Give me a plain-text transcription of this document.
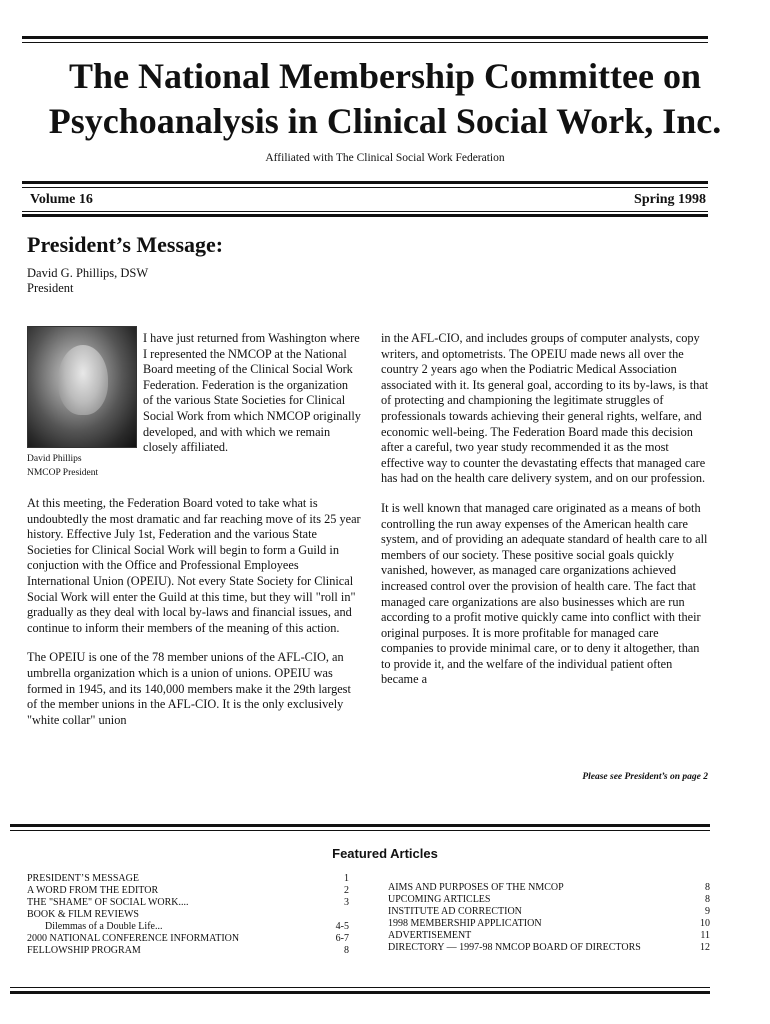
The National Membership Committee on
Psychoanalysis in Clinical Social Work, Inc.
Affiliated with The Clinical Social Work Federation
Volume 16	Spring 1998
President’s Message:
David G. Phillips, DSW
President
David Phillips
NMCOP President
I have just returned from Washington where I represented the NMCOP at the National Board meeting of the Clinical Social Work Federation. Federation is the organization of the various State Societies for Clinical Social Work from which NMCOP originally developed, and with which we remain closely affiliated.

At this meeting, the Federation Board voted to take what is undoubtedly the most dramatic and far reaching move of its 25 year history. Effective July 1st, Federation and the various State Societies for Clinical Social Work will begin to form a Guild in conjuction with the Office and Professional Employees International Union (OPEIU). Not every State Society for Clinical Social Work will enter the Guild at this time, but they will "roll in" gradually as they deal with local by-laws and financial issues, and continue to inform their members of the meaning of this action.

The OPEIU is one of the 78 member unions of the AFL-CIO, an umbrella organization which is a union of unions. OPEIU was formed in 1945, and its 140,000 members make it the 29th largest of the member unions in the AFL-CIO. It is the only exclusively "white collar" union

in the AFL-CIO, and includes groups of computer analysts, copy writers, and optometrists. The OPEIU made news all over the country 2 years ago when the Podiatric Medical Association associated with it. Its general goal, according to its by-laws, is that of protecting and championing the legitimate struggles of professionals towards achieving their general rights, welfare, and economic well-being. The Federation Board made this decision after a careful, two year study recommended it as the most effective way to counter the devastating effects that managed care has had on the health care delivery system, and on our profession.

It is well known that managed care originated as a means of both controlling the run away expenses of the American health care system, and of providing an adequate standard of health care to all members of our society. These positive social goals quickly vanished, however, as managed care organizations achieved increased control over the provision of health care. The fact that managed care organizations are also businesses which are run according to a profit motive quickly came into conflict with their original purposes. It is more profitable for managed care companies to provide minimal care, or to deny it altogether, than to provide it, and the welfare of the individual patient often became a

Please see President’s on page 2
Featured Articles
PRESIDENT’S MESSAGE	1
A WORD FROM THE EDITOR	2
THE "SHAME" OF SOCIAL WORK....	3
BOOK & FILM REVIEWS
Dilemmas of a Double Life...	4-5
2000 NATIONAL CONFERENCE INFORMATION	6-7
FELLOWSHIP PROGRAM	8
AIMS AND PURPOSES OF THE NMCOP	8
UPCOMING ARTICLES	8
INSTITUTE AD CORRECTION	9
1998 MEMBERSHIP APPLICATION	10
ADVERTISEMENT	11
DIRECTORY — 1997-98 NMCOP BOARD OF DIRECTORS	12
